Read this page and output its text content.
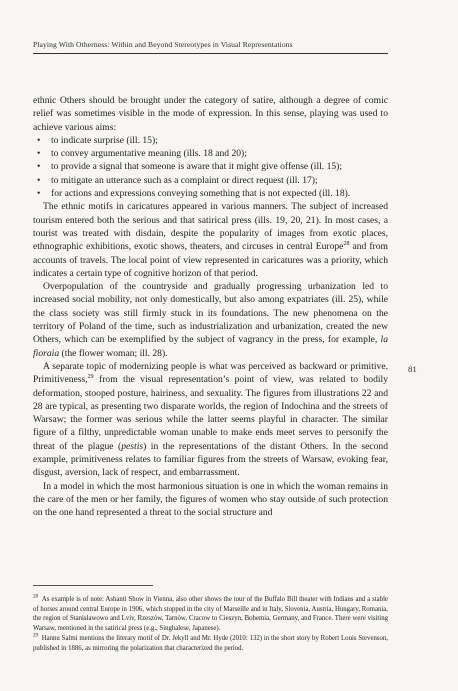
Playing With Otherness: Within and Beyond Stereotypes in Visual Representations

ethnic Others should be brought under the category of satire, although a degree of comic relief was sometimes visible in the mode of expression. In this sense, playing was used to achieve various aims:

• to indicate surprise (ill. 15);
• to convey argumentative meaning (ills. 18 and 20);
• to provide a signal that someone is aware that it might give offense (ill. 15);
• to mitigate an utterance such as a complaint or direct request (ill. 17);
• for actions and expressions conveying something that is not expected (ill. 18).

The ethnic motifs in caricatures appeared in various manners. The subject of increased tourism entered both the serious and that satirical press (ills. 19, 20, 21). In most cases, a tourist was treated with disdain, despite the popularity of images from exotic places, ethnographic exhibitions, exotic shows, theaters, and circuses in central Europe$^{28}$ and from accounts of travels. The local point of view represented in caricatures was a priority, which indicates a certain type of cognitive horizon of that period.

Overpopulation of the countryside and gradually progressing urbanization led to increased social mobility, not only domestically, but also among expatriates (ill. 25), while the class society was still firmly stuck in its foundations. The new phenomena on the territory of Poland of the time, such as industrialization and urbanization, created the new Others, which can be exemplified by the subject of vagrancy in the press, for example, la fioraia (the flower woman; ill. 28).

A separate topic of modernizing people is what was perceived as backward or primitive. Primitiveness,$^{29}$ from the visual representation’s point of view, was related to bodily deformation, stooped posture, hairiness, and sexuality. The figures from illustrations 22 and 28 are typical, as presenting two disparate worlds, the region of Indochina and the streets of Warsaw; the former was serious while the latter seems playful in character. The similar figure of a filthy, unpredictable woman unable to make ends meet serves to personify the threat of the plague (pestis) in the representations of the distant Others. In the second example, primitiveness relates to familiar figures from the streets of Warsaw, evoking fear, disgust, aversion, lack of respect, and embarrassment.

In a model in which the most harmonious situation is one in which the woman remains in the care of the men or her family, the figures of women who stay outside of such protection on the one hand represented a threat to the social structure and

81

$^{28}$ As example is of note: Ashanti Show in Vienna, also other shows the tour of the Buffalo Bill theater with Indians and a stable of horses around central Europe in 1906, which stopped in the city of Marseille and in Italy, Slovenia, Austria, Hungary, Romania, the region of Stanisławowo and Lviv, Rzeszów, Tarnów, Cracow to Cieszyn, Bohemia, Germany, and France. There were visiting Warsaw, mentioned in the satirical press (e.g., Singhalese, Japanese).

$^{29}$ Hannu Salmi mentions the literary motif of Dr. Jekyll and Mr. Hyde (2010: 132) in the short story by Robert Louis Stevenson, published in 1886, as mirroring the polarization that characterized the period.
